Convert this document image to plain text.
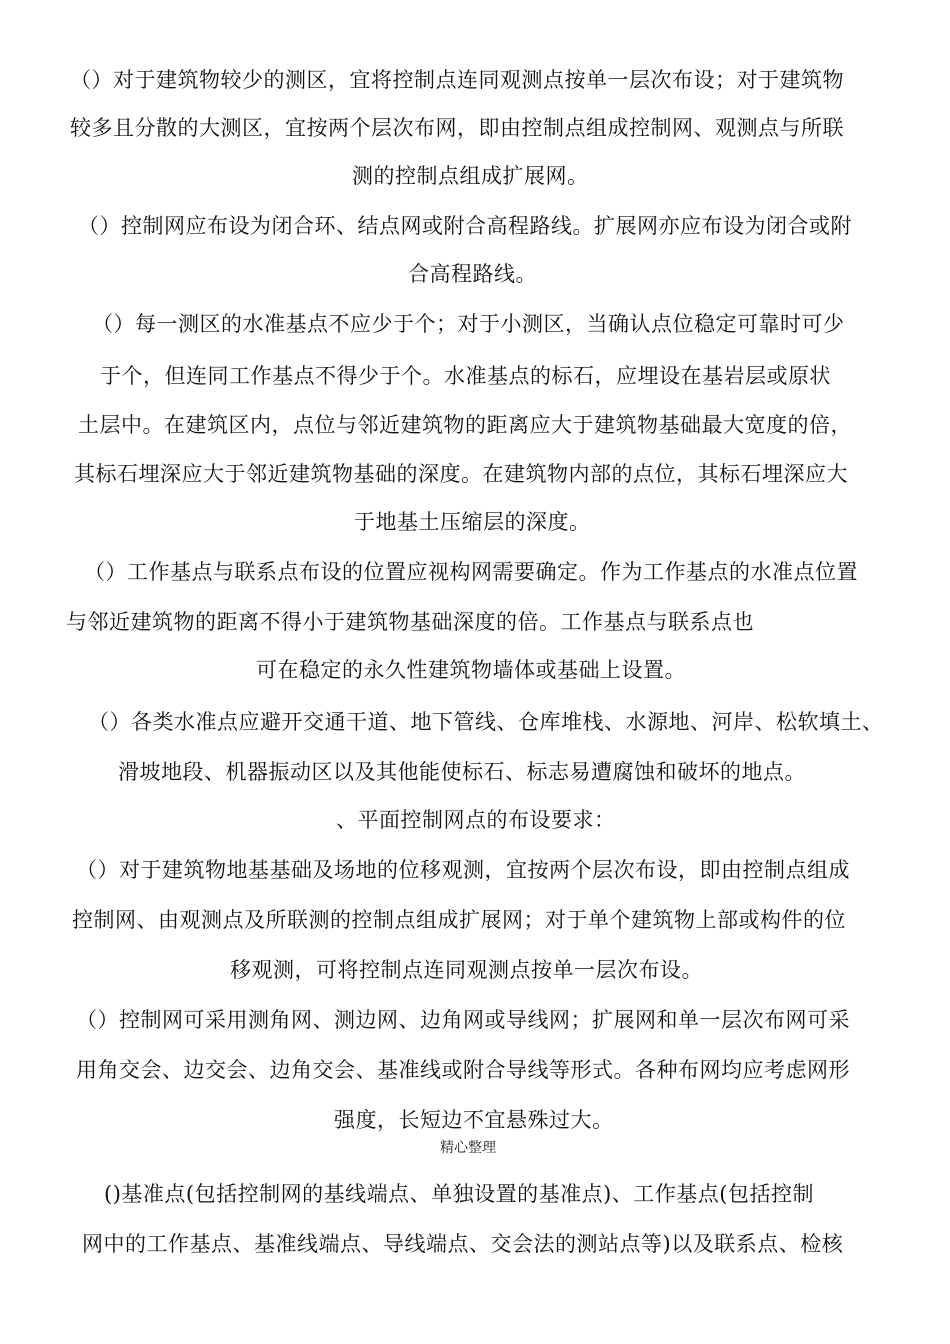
（）对于建筑物较少的测区，宜将控制点连同观测点按单一层次布设；对于建筑物
较多且分散的大测区，宜按两个层次布网，即由控制点组成控制网、观测点与所联
测的控制点组成扩展网。
（）控制网应布设为闭合环、结点网或附合高程路线。扩展网亦应布设为闭合或附
合高程路线。
（）每一测区的水准基点不应少于个；对于小测区，当确认点位稳定可靠时可少
于个，但连同工作基点不得少于个。水准基点的标石，应埋设在基岩层或原状
土层中。在建筑区内，点位与邻近建筑物的距离应大于建筑物基础最大宽度的倍，
其标石埋深应大于邻近建筑物基础的深度。在建筑物内部的点位，其标石埋深应大
于地基土压缩层的深度。
（）工作基点与联系点布设的位置应视构网需要确定。作为工作基点的水准点位置
与邻近建筑物的距离不得小于建筑物基础深度的倍。工作基点与联系点也
可在稳定的永久性建筑物墙体或基础上设置。
（）各类水准点应避开交通干道、地下管线、仓库堆栈、水源地、河岸、松软填土、
滑坡地段、机器振动区以及其他能使标石、标志易遭腐蚀和破坏的地点。
、平面控制网点的布设要求：
（）对于建筑物地基基础及场地的位移观测，宜按两个层次布设，即由控制点组成
控制网、由观测点及所联测的控制点组成扩展网；对于单个建筑物上部或构件的位
移观测，可将控制点连同观测点按单一层次布设。
（）控制网可采用测角网、测边网、边角网或导线网；扩展网和单一层次布网可采
用角交会、边交会、边角交会、基准线或附合导线等形式。各种布网均应考虑网形
强度，长短边不宜悬殊过大。
精心整理
()基准点(包括控制网的基线端点、单独设置的基准点)、工作基点(包括控制
网中的工作基点、基准线端点、导线端点、交会法的测站点等)以及联系点、检核
